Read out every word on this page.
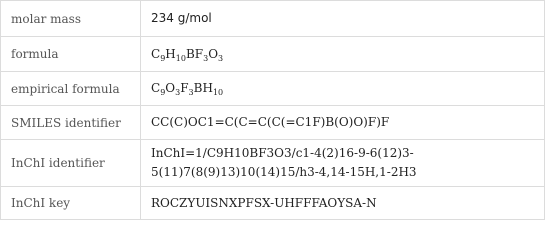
molar mass	234 g/mol
formula	$C_9H_{10}BF_3O_3$
empirical formula	$C_9O_3F_3BH_{10}$
SMILES identifier	CC(C)OC1=C(C=C(C(=C1F)B(O)O)F)F
InChI identifier	InChI=1/C9H10BF3O3/c1-4(2)16-9-6(12)3-5(11)7(8(9)13)10(14)15/h3-4,14-15H,1-2H3
InChI key	ROCZYUISNXPFSX-UHFFFAOYSA-N
